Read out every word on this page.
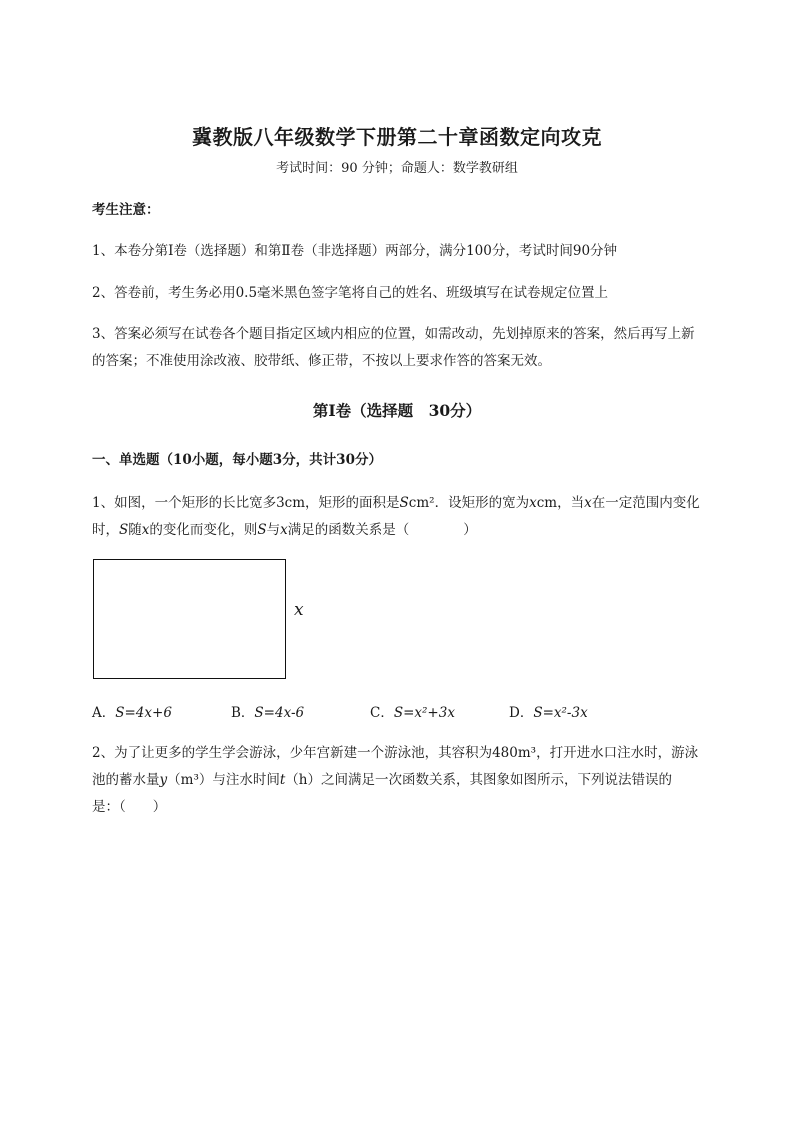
冀教版八年级数学下册第二十章函数定向攻克
考试时间：90 分钟；命题人：数学教研组
考生注意：
1、本卷分第Ⅰ卷（选择题）和第Ⅱ卷（非选择题）两部分，满分100分，考试时间90分钟
2、答卷前，考生务必用0.5毫米黑色签字笔将自己的姓名、班级填写在试卷规定位置上
3、答案必须写在试卷各个题目指定区域内相应的位置，如需改动，先划掉原来的答案，然后再写上新
的答案；不准使用涂改液、胶带纸、修正带，不按以上要求作答的答案无效。
第Ⅰ卷（选择题　30分）
一、单选题（10小题，每小题3分，共计30分）
1、如图，一个矩形的长比宽多3cm，矩形的面积是Scm²．设矩形的宽为xcm，当x在一定范围内变化
时，S随x的变化而变化，则S与x满足的函数关系是（　　　　）
x
A．S=4x+6	B．S=4x-6	C．S=x²+3x	D．S=x²-3x
2、为了让更多的学生学会游泳，少年宫新建一个游泳池，其容积为480m³，打开进水口注水时，游泳
池的蓄水量y（m³）与注水时间t（h）之间满足一次函数关系，其图象如图所示，下列说法错误的
是：（　　）
